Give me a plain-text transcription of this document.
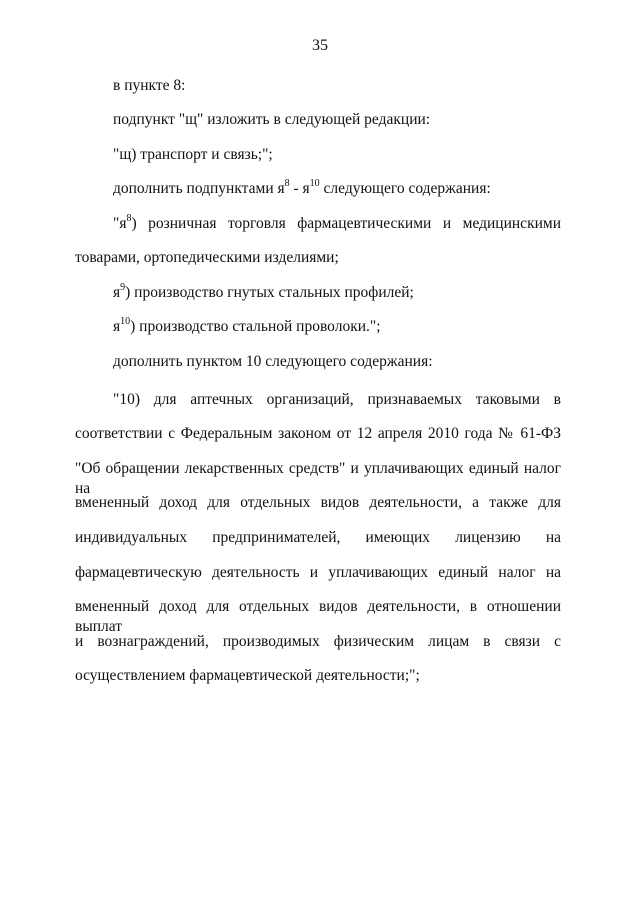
35
в пункте 8:
подпункт "щ" изложить в следующей редакции:
"щ) транспорт и связь;";
дополнить подпунктами $я^8 - я^{10}$ следующего содержания:
"$я^8$) розничная торговля фармацевтическими и медицинскими
товарами, ортопедическими изделиями;
$я^9$) производство гнутых стальных профилей;
$я^{10}$) производство стальной проволоки.";
дополнить пунктом 10 следующего содержания:
"10) для аптечных организаций, признаваемых таковыми в
соответствии с Федеральным законом от 12 апреля 2010 года № 61-ФЗ
"Об обращении лекарственных средств" и уплачивающих единый налог на
вмененный доход для отдельных видов деятельности, а также для
индивидуальных предпринимателей, имеющих лицензию на
фармацевтическую деятельность и уплачивающих единый налог на
вмененный доход для отдельных видов деятельности, в отношении выплат
и вознаграждений, производимых физическим лицам в связи с
осуществлением фармацевтической деятельности;";
